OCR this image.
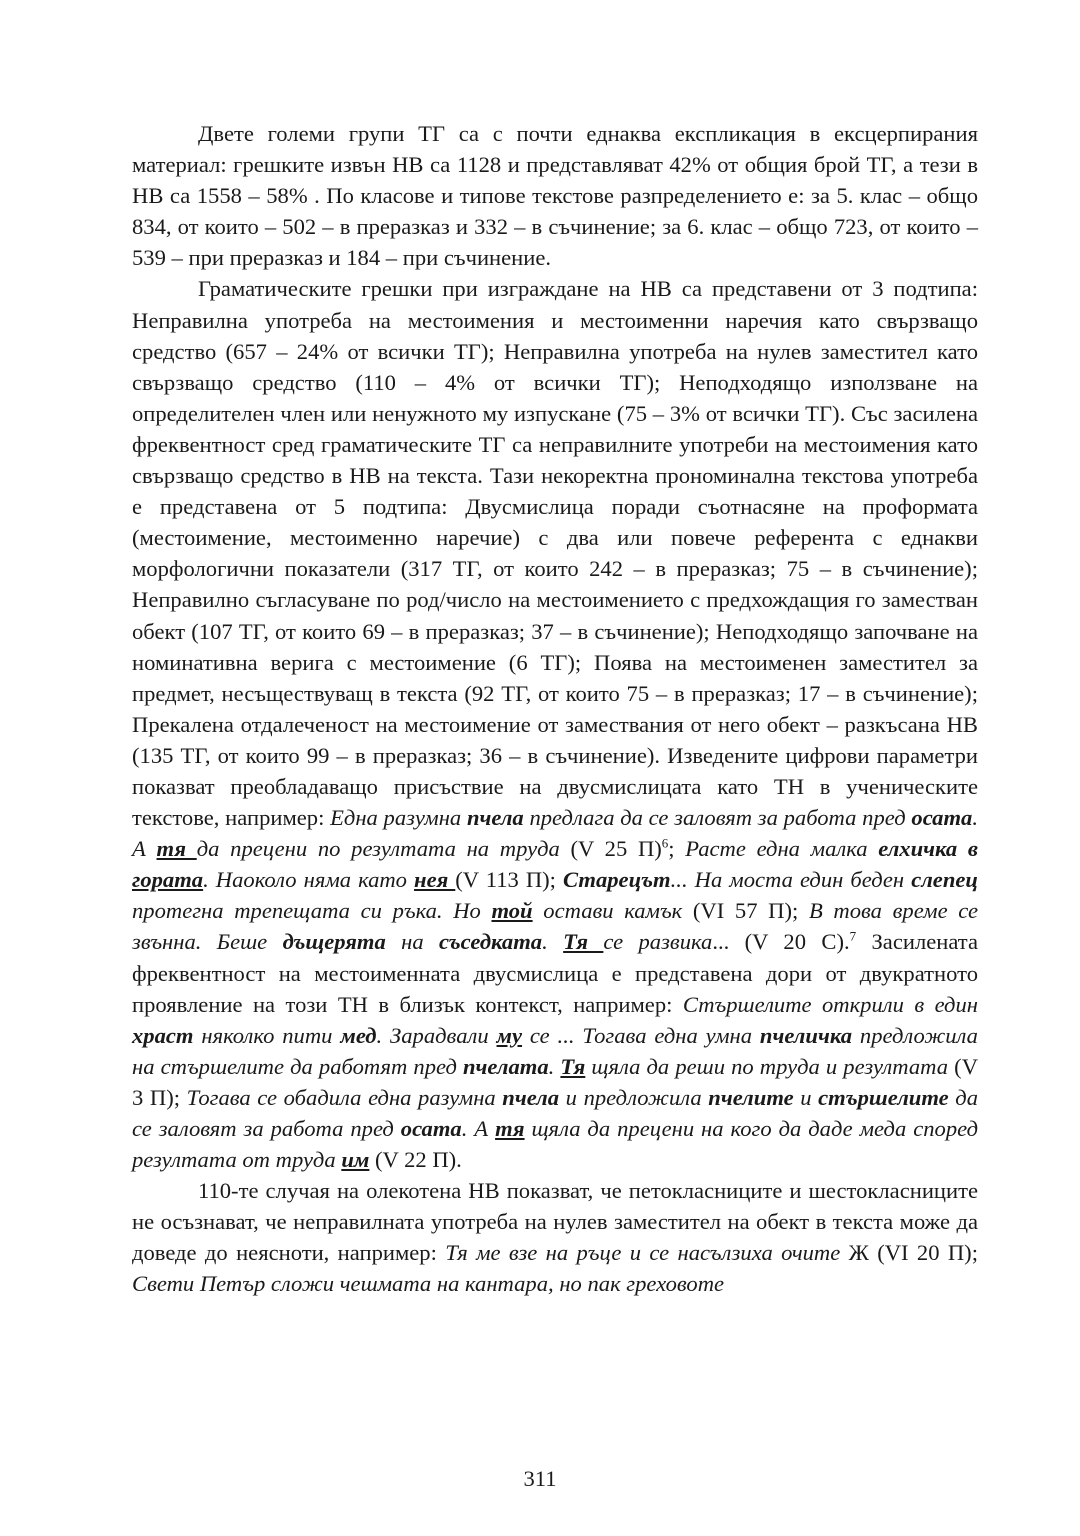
Двете големи групи ТГ са с почти еднаква експликация в ексцерпирания материал: грешките извън НВ са 1128 и представляват 42% от общия брой ТГ, а тези в НВ са 1558 – 58% . По класове и типове текстове разпределението е: за 5. клас – общо 834, от които – 502 – в преразказ и 332 – в съчинение; за 6. клас – общо 723, от които – 539 – при преразказ и 184 – при съчинение.

Граматическите грешки при изграждане на НВ са представени от 3 подтипа: Неправилна употреба на местоимения и местоименни наречия като свързващо средство (657 – 24% от всички ТГ); Неправилна употреба на нулев заместител като свързващо средство (110 – 4% от всички ТГ); Неподходящо използване на определителен член или ненужното му изпускане (75 – 3% от всички ТГ). Със засилена фреквентност сред граматическите ТГ са неправилните употреби на местоимения като свързващо средство в НВ на текста. Тази некоректна прономинална текстова употреба е представена от 5 подтипа: Двусмислица поради съотнасяне на проформата (местоимение, местоименно наречие) с два или повече референта с еднакви морфологични показатели (317 ТГ, от които 242 – в преразказ; 75 – в съчинение); Неправилно съгласуване по род/число на местоимението с предхождащия го заместван обект (107 ТГ, от които 69 – в преразказ; 37 – в съчинение); Неподходящо започване на номинативна верига с местоимение (6 ТГ); Поява на местоименен заместител за предмет, несъществуващ в текста (92 ТГ, от които 75 – в преразказ; 17 – в съчинение); Прекалена отдалеченост на местоимение от замествания от него обект – разкъсана НВ (135 ТГ, от които 99 – в преразказ; 36 – в съчинение). Изведените цифрови параметри показват преобладаващо присъствие на двусмислицата като ТН в ученическите текстове, например: Една разумна пчела предлага да се заловят за работа пред осата. А тя да прецени по резултата на труда (V 25 П)$^6$; Расте една малка елхичка в гората. Наоколо няма като нея (V 113 П); Старецът... На моста един беден слепец протегна трепещата си ръка. Но той остави камък (VI 57 П); В това време се звънна. Беше дъщерята на съседката. Тя се развика... (V 20 С).$^7$ Засилената фреквентност на местоименната двусмислица е представена дори от двукратното проявление на този ТН в близък контекст, например: Стършелите открили в един храст няколко пити мед. Зарадвали му се ... Тогава една умна пчеличка предложила на стършелите да работят пред пчелата. Тя щяла да реши по труда и резултата (V 3 П); Тогава се обадила една разумна пчела и предложила пчелите и стършелите да се заловят за работа пред осата. А тя щяла да прецени на кого да даде меда според резултата от труда им (V 22 П).

110-те случая на олекотена НВ показват, че петокласниците и шестокласниците не осъзнават, че неправилната употреба на нулев заместител на обект в текста може да доведе до неясноти, например: Тя ме взе на ръце и се насълзиха очите Ж (VI 20 П); Свети Петър сложи чешмата на кантара, но пак греховоте

311
